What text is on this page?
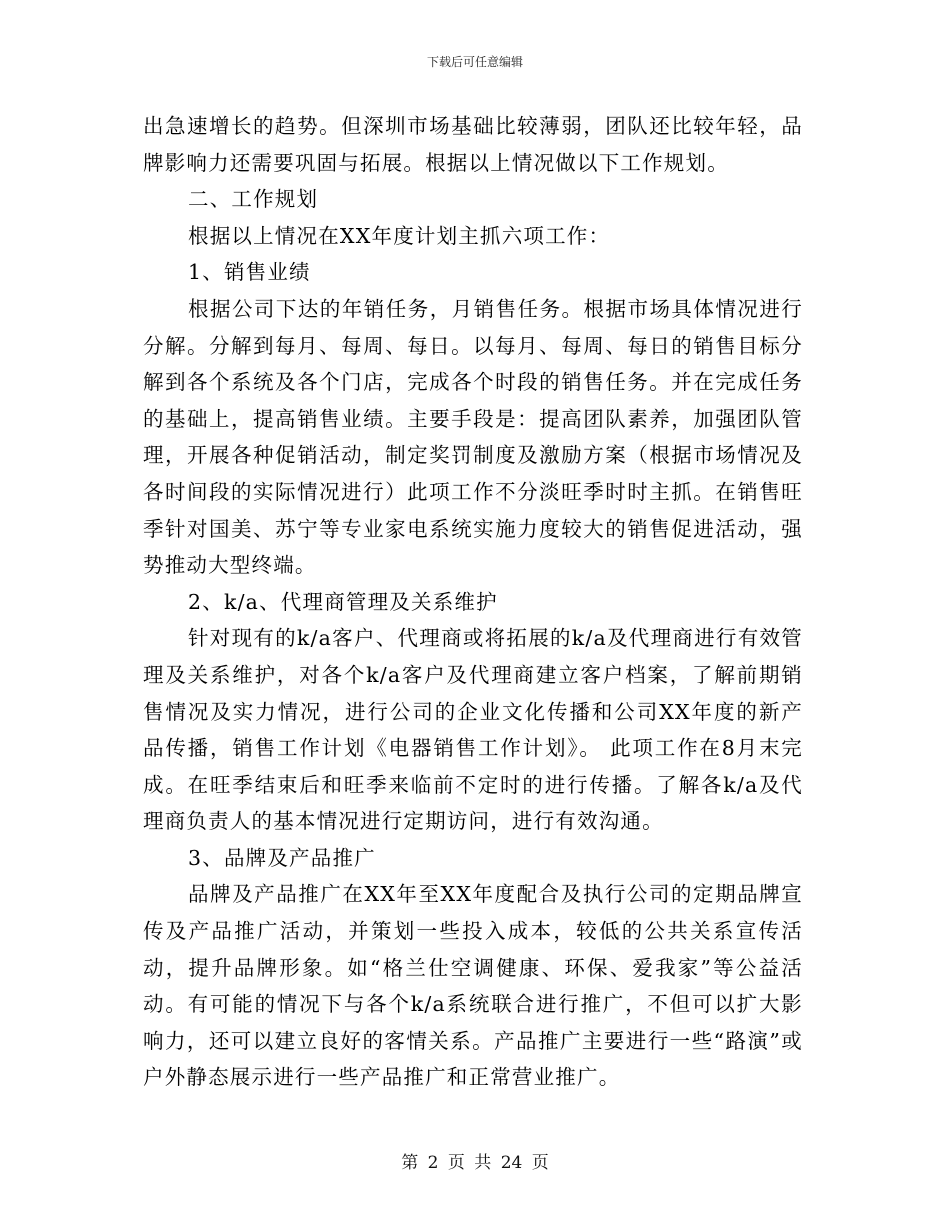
下载后可任意编辑

出急速增长的趋势。但深圳市场基础比较薄弱，团队还比较年轻，品牌影响力还需要巩固与拓展。根据以上情况做以下工作规划。

二、工作规划

根据以上情况在XX年度计划主抓六项工作：

1、销售业绩

根据公司下达的年销任务，月销售任务。根据市场具体情况进行分解。分解到每月、每周、每日。以每月、每周、每日的销售目标分解到各个系统及各个门店，完成各个时段的销售任务。并在完成任务的基础上，提高销售业绩。主要手段是：提高团队素养，加强团队管理，开展各种促销活动，制定奖罚制度及激励方案（根据市场情况及各时间段的实际情况进行）此项工作不分淡旺季时时主抓。在销售旺季针对国美、苏宁等专业家电系统实施力度较大的销售促进活动，强势推动大型终端。

2、k/a、代理商管理及关系维护

针对现有的k/a客户、代理商或将拓展的k/a及代理商进行有效管理及关系维护，对各个k/a客户及代理商建立客户档案，了解前期销售情况及实力情况，进行公司的企业文化传播和公司XX年度的新产品传播，销售工作计划《电器销售工作计划》。 此项工作在8月末完成。在旺季结束后和旺季来临前不定时的进行传播。了解各k/a及代理商负责人的基本情况进行定期访问，进行有效沟通。

3、品牌及产品推广

品牌及产品推广在XX年至XX年度配合及执行公司的定期品牌宣传及产品推广活动，并策划一些投入成本，较低的公共关系宣传活动，提升品牌形象。如“格兰仕空调健康、环保、爱我家”等公益活动。有可能的情况下与各个k/a系统联合进行推广，不但可以扩大影响力，还可以建立良好的客情关系。产品推广主要进行一些“路演”或户外静态展示进行一些产品推广和正常营业推广。

第 2 页 共 24 页
